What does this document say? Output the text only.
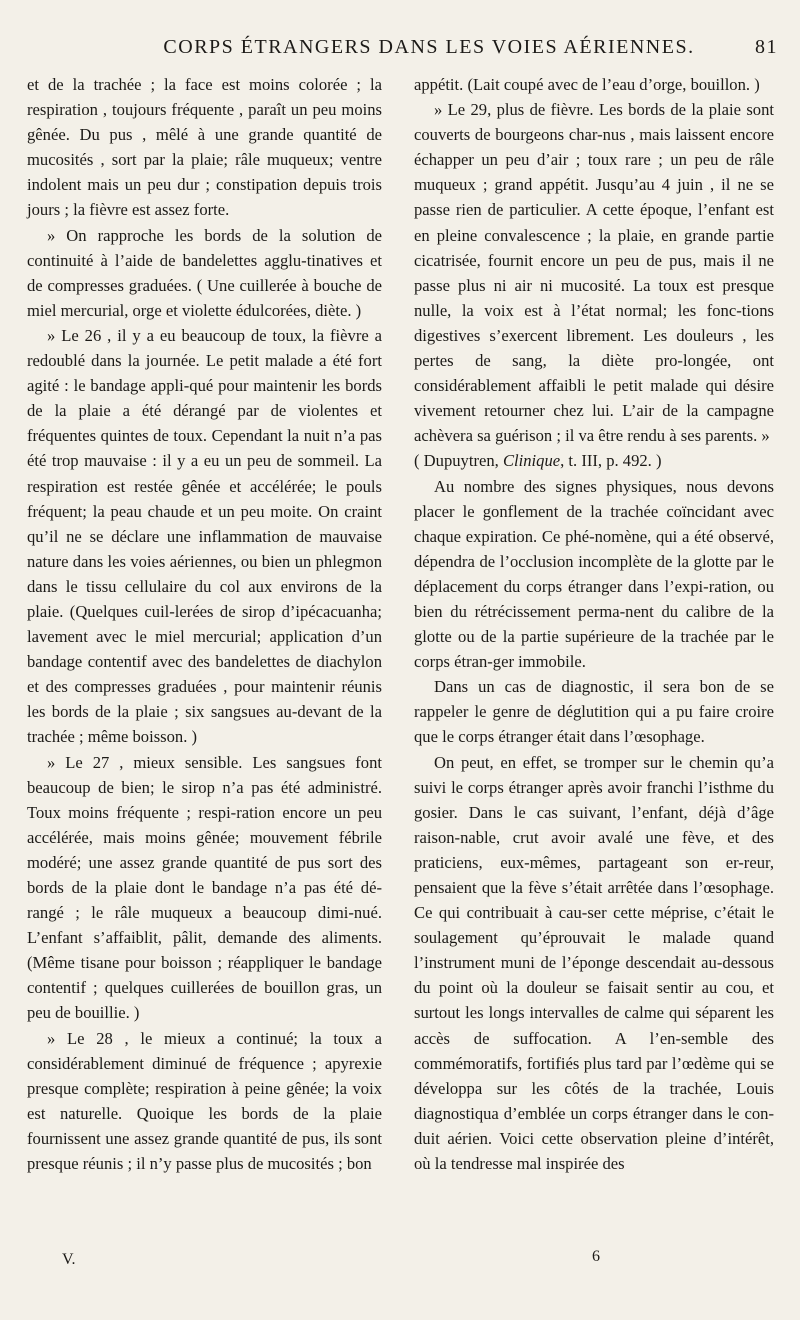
CORPS ÉTRANGERS DANS LES VOIES AÉRIENNES.	81

et de la trachée ; la face est moins colorée ; la respiration , toujours fréquente , paraît un peu moins gênée. Du pus , mêlé à une grande quantité de mucosités , sort par la plaie; râle muqueux; ventre indolent mais un peu dur ; constipation depuis trois jours ; la fièvre est assez forte.

» On rapproche les bords de la solution de continuité à l’aide de bandelettes agglu-tinatives et de compresses graduées. ( Une cuillerée à bouche de miel mercurial, orge et violette édulcorées, diète. )

» Le 26 , il y a eu beaucoup de toux, la fièvre a redoublé dans la journée. Le petit malade a été fort agité : le bandage appli-qué pour maintenir les bords de la plaie a été dérangé par de violentes et fréquentes quintes de toux. Cependant la nuit n’a pas été trop mauvaise : il y a eu un peu de sommeil. La respiration est restée gênée et accélérée; le pouls fréquent; la peau chaude et un peu moite. On craint qu’il ne se déclare une inflammation de mauvaise nature dans les voies aériennes, ou bien un phlegmon dans le tissu cellulaire du col aux environs de la plaie. (Quelques cuil-lerées de sirop d’ipécacuanha; lavement avec le miel mercurial; application d’un bandage contentif avec des bandelettes de diachylon et des compresses graduées , pour maintenir réunis les bords de la plaie ; six sangsues au-devant de la trachée ; même boisson. )

» Le 27 , mieux sensible. Les sangsues font beaucoup de bien; le sirop n’a pas été administré. Toux moins fréquente ; respi-ration encore un peu accélérée, mais moins gênée; mouvement fébrile modéré; une assez grande quantité de pus sort des bords de la plaie dont le bandage n’a pas été dé-rangé ; le râle muqueux a beaucoup dimi-nué. L’enfant s’affaiblit, pâlit, demande des aliments. (Même tisane pour boisson ; réappliquer le bandage contentif ; quelques cuillerées de bouillon gras, un peu de bouillie. )

» Le 28 , le mieux a continué; la toux a considérablement diminué de fréquence ; apyrexie presque complète; respiration à peine gênée; la voix est naturelle. Quoique les bords de la plaie fournissent une assez grande quantité de pus, ils sont presque réunis ; il n’y passe plus de mucosités ; bon

appétit. (Lait coupé avec de l’eau d’orge, bouillon. )

» Le 29, plus de fièvre. Les bords de la plaie sont couverts de bourgeons char-nus , mais laissent encore échapper un peu d’air ; toux rare ; un peu de râle muqueux ; grand appétit. Jusqu’au 4 juin , il ne se passe rien de particulier. A cette époque, l’enfant est en pleine convalescence ; la plaie, en grande partie cicatrisée, fournit encore un peu de pus, mais il ne passe plus ni air ni mucosité. La toux est presque nulle, la voix est à l’état normal; les fonc-tions digestives s’exercent librement. Les douleurs , les pertes de sang, la diète pro-longée, ont considérablement affaibli le petit malade qui désire vivement retourner chez lui. L’air de la campagne achèvera sa guérison ; il va être rendu à ses parents. »

( Dupuytren, Clinique, t. III, p. 492. )

Au nombre des signes physiques, nous devons placer le gonflement de la trachée coïncidant avec chaque expiration. Ce phé-nomène, qui a été observé, dépendra de l’occlusion incomplète de la glotte par le déplacement du corps étranger dans l’expi-ration, ou bien du rétrécissement perma-nent du calibre de la glotte ou de la partie supérieure de la trachée par le corps étran-ger immobile.

Dans un cas de diagnostic, il sera bon de se rappeler le genre de déglutition qui a pu faire croire que le corps étranger était dans l’œsophage.

On peut, en effet, se tromper sur le chemin qu’a suivi le corps étranger après avoir franchi l’isthme du gosier. Dans le cas suivant, l’enfant, déjà d’âge raison-nable, crut avoir avalé une fève, et des praticiens, eux-mêmes, partageant son er-reur, pensaient que la fève s’était arrêtée dans l’œsophage. Ce qui contribuait à cau-ser cette méprise, c’était le soulagement qu’éprouvait le malade quand l’instrument muni de l’éponge descendait au-dessous du point où la douleur se faisait sentir au cou, et surtout les longs intervalles de calme qui séparent les accès de suffocation. A l’en-semble des commémoratifs, fortifiés plus tard par l’œdème qui se développa sur les côtés de la trachée, Louis diagnostiqua d’emblée un corps étranger dans le con-duit aérien. Voici cette observation pleine d’intérêt, où la tendresse mal inspirée des

V.	6
